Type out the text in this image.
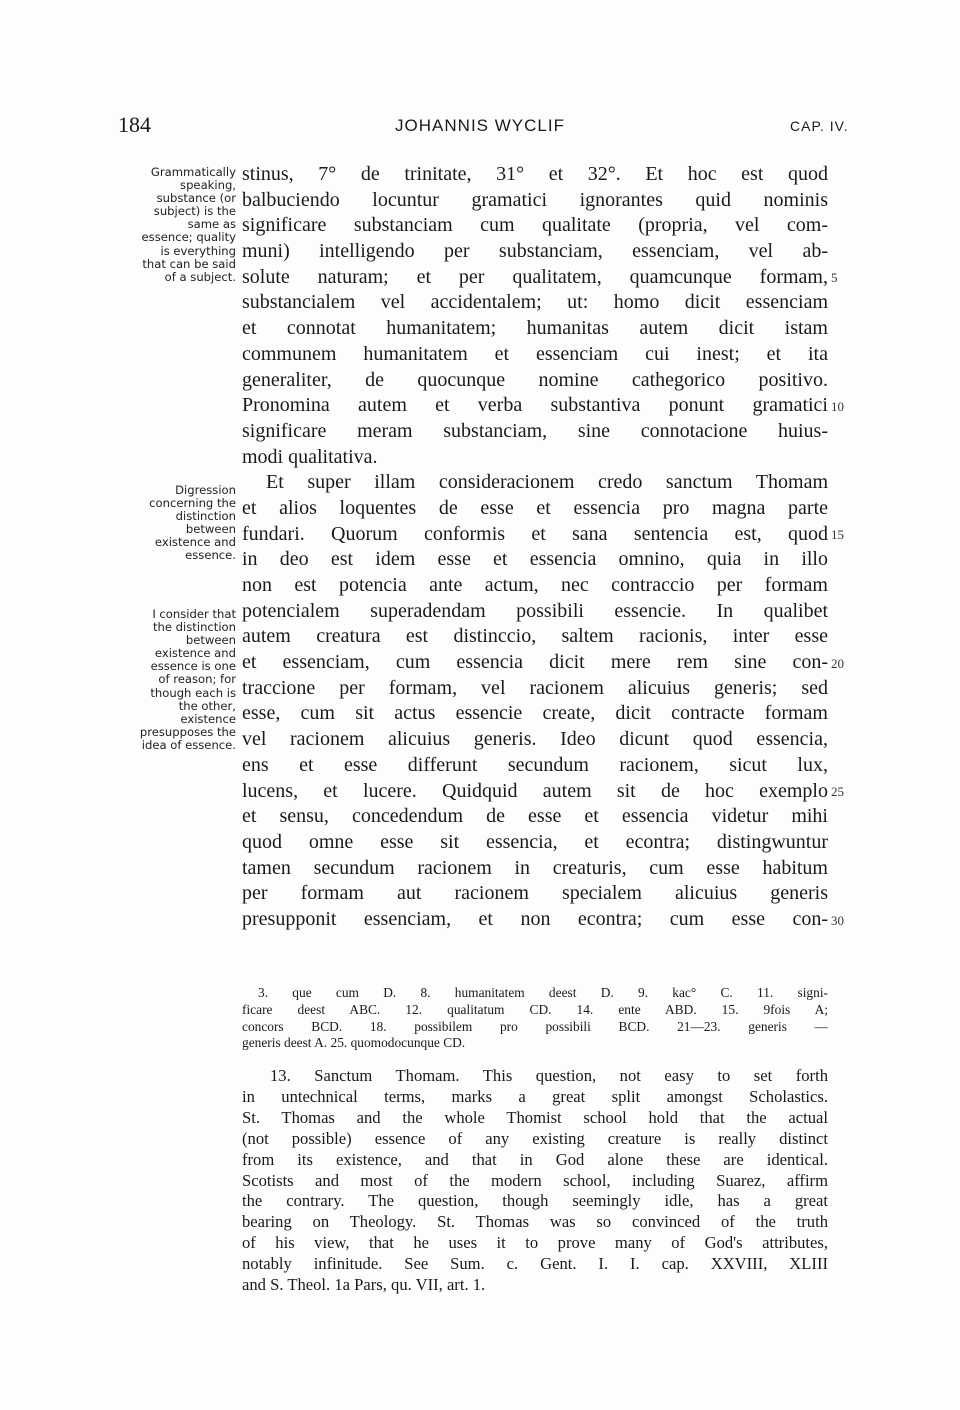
184	JOHANNIS WYCLIF	CAP. IV.
Grammatically
speaking,
substance (or
subject) is the
same as
essence; quality
is everything
that can be said
of a subject.
Digression
concerning the
distinction
between
existence and
essence.
I consider that
the distinction
between
existence and
essence is one
of reason; for
though each is
the other,
existence
presupposes the
idea of essence.
stinus, 7° de trinitate, 31° et 32°. Et hoc est quod
balbuciendo locuntur gramatici ignorantes quid nominis
significare substanciam cum qualitate (propria, vel com-
muni) intelligendo per substanciam, essenciam, vel ab-
solute naturam; et per qualitatem, quamcunque formam,
substancialem vel accidentalem; ut: homo dicit essenciam
et connotat humanitatem; humanitas autem dicit istam
communem humanitatem et essenciam cui inest; et ita
generaliter, de quocunque nomine cathegorico positivo.
Pronomina autem et verba substantiva ponunt gramatici
significare meram substanciam, sine connotacione huius-
modi qualitativa.
Et super illam consideracionem credo sanctum Thomam
et alios loquentes de esse et essencia pro magna parte
fundari. Quorum conformis et sana sentencia est, quod
in deo est idem esse et essencia omnino, quia in illo
non est potencia ante actum, nec contraccio per formam
potencialem superadendam possibili essencie. In qualibet
autem creatura est distinccio, saltem racionis, inter esse
et essenciam, cum essencia dicit mere rem sine con-
traccione per formam, vel racionem alicuius generis; sed
esse, cum sit actus essencie create, dicit contracte formam
vel racionem alicuius generis. Ideo dicunt quod essencia,
ens et esse differunt secundum racionem, sicut lux,
lucens, et lucere. Quidquid autem sit de hoc exemplo
et sensu, concedendum de esse et essencia videtur mihi
quod omne esse sit essencia, et econtra; distingwuntur
tamen secundum racionem in creaturis, cum esse habitum
per formam aut racionem specialem alicuius generis
presupponit essenciam, et non econtra; cum esse con-
5
10
15
20
25
30
3. que cum D. 8. humanitatem deest D. 9. kac° C. 11. signi-
ficare deest ABC. 12. qualitatum CD. 14. ente ABD. 15. 9fois A;
concors BCD. 18. possibilem pro possibili BCD. 21—23. generis —
generis deest A. 25. quomodocunque CD.
13. Sanctum Thomam. This question, not easy to set forth
in untechnical terms, marks a great split amongst Scholastics.
St. Thomas and the whole Thomist school hold that the actual
(not possible) essence of any existing creature is really distinct
from its existence, and that in God alone these are identical.
Scotists and most of the modern school, including Suarez, affirm
the contrary. The question, though seemingly idle, has a great
bearing on Theology. St. Thomas was so convinced of the truth
of his view, that he uses it to prove many of God's attributes,
notably infinitude. See Sum. c. Gent. I. I. cap. XXVIII, XLIII
and S. Theol. 1a Pars, qu. VII, art. 1.
